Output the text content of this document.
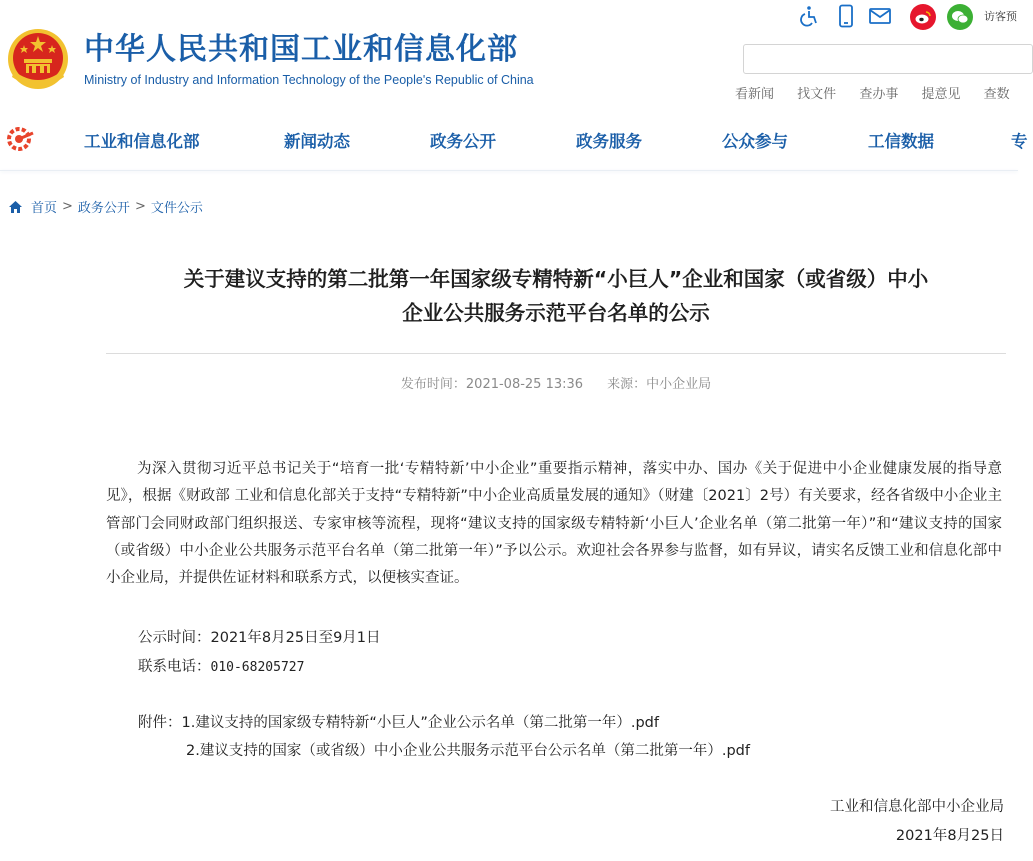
中华人民共和国工业和信息化部
Ministry of Industry and Information Technology of the People's Republic of China
访客预
看新闻 找文件 查办事 提意见 查数
工业和信息化部	新闻动态	政务公开	政务服务	公众参与	工信数据	专
首页 > 政务公开 > 文件公示
关于建议支持的第二批第一年国家级专精特新“小巨人”企业和国家（或省级）中小
企业公共服务示范平台名单的公示
发布时间：2021-08-25 13:36 来源：中小企业局
为深入贯彻习近平总书记关于“培育一批‘专精特新’中小企业”重要指示精神，落实中办、国办《关于促进中小企业健康发展的指导意见》，根据《财政部 工业和信息化部关于支持“专精特新”中小企业高质量发展的通知》（财建〔2021〕2号）有关要求，经各省级中小企业主管部门会同财政部门组织报送、专家审核等流程，现将“建议支持的国家级专精特新‘小巨人’企业名单（第二批第一年）”和“建议支持的国家（或省级）中小企业公共服务示范平台名单（第二批第一年）”予以公示。欢迎社会各界参与监督，如有异议，请实名反馈工业和信息化部中小企业局，并提供佐证材料和联系方式，以便核实查证。
公示时间：2021年8月25日至9月1日
联系电话：010-68205727
附件：1.建议支持的国家级专精特新“小巨人”企业公示名单（第二批第一年）.pdf
2.建议支持的国家（或省级）中小企业公共服务示范平台公示名单（第二批第一年）.pdf
工业和信息化部中小企业局
2021年8月25日
